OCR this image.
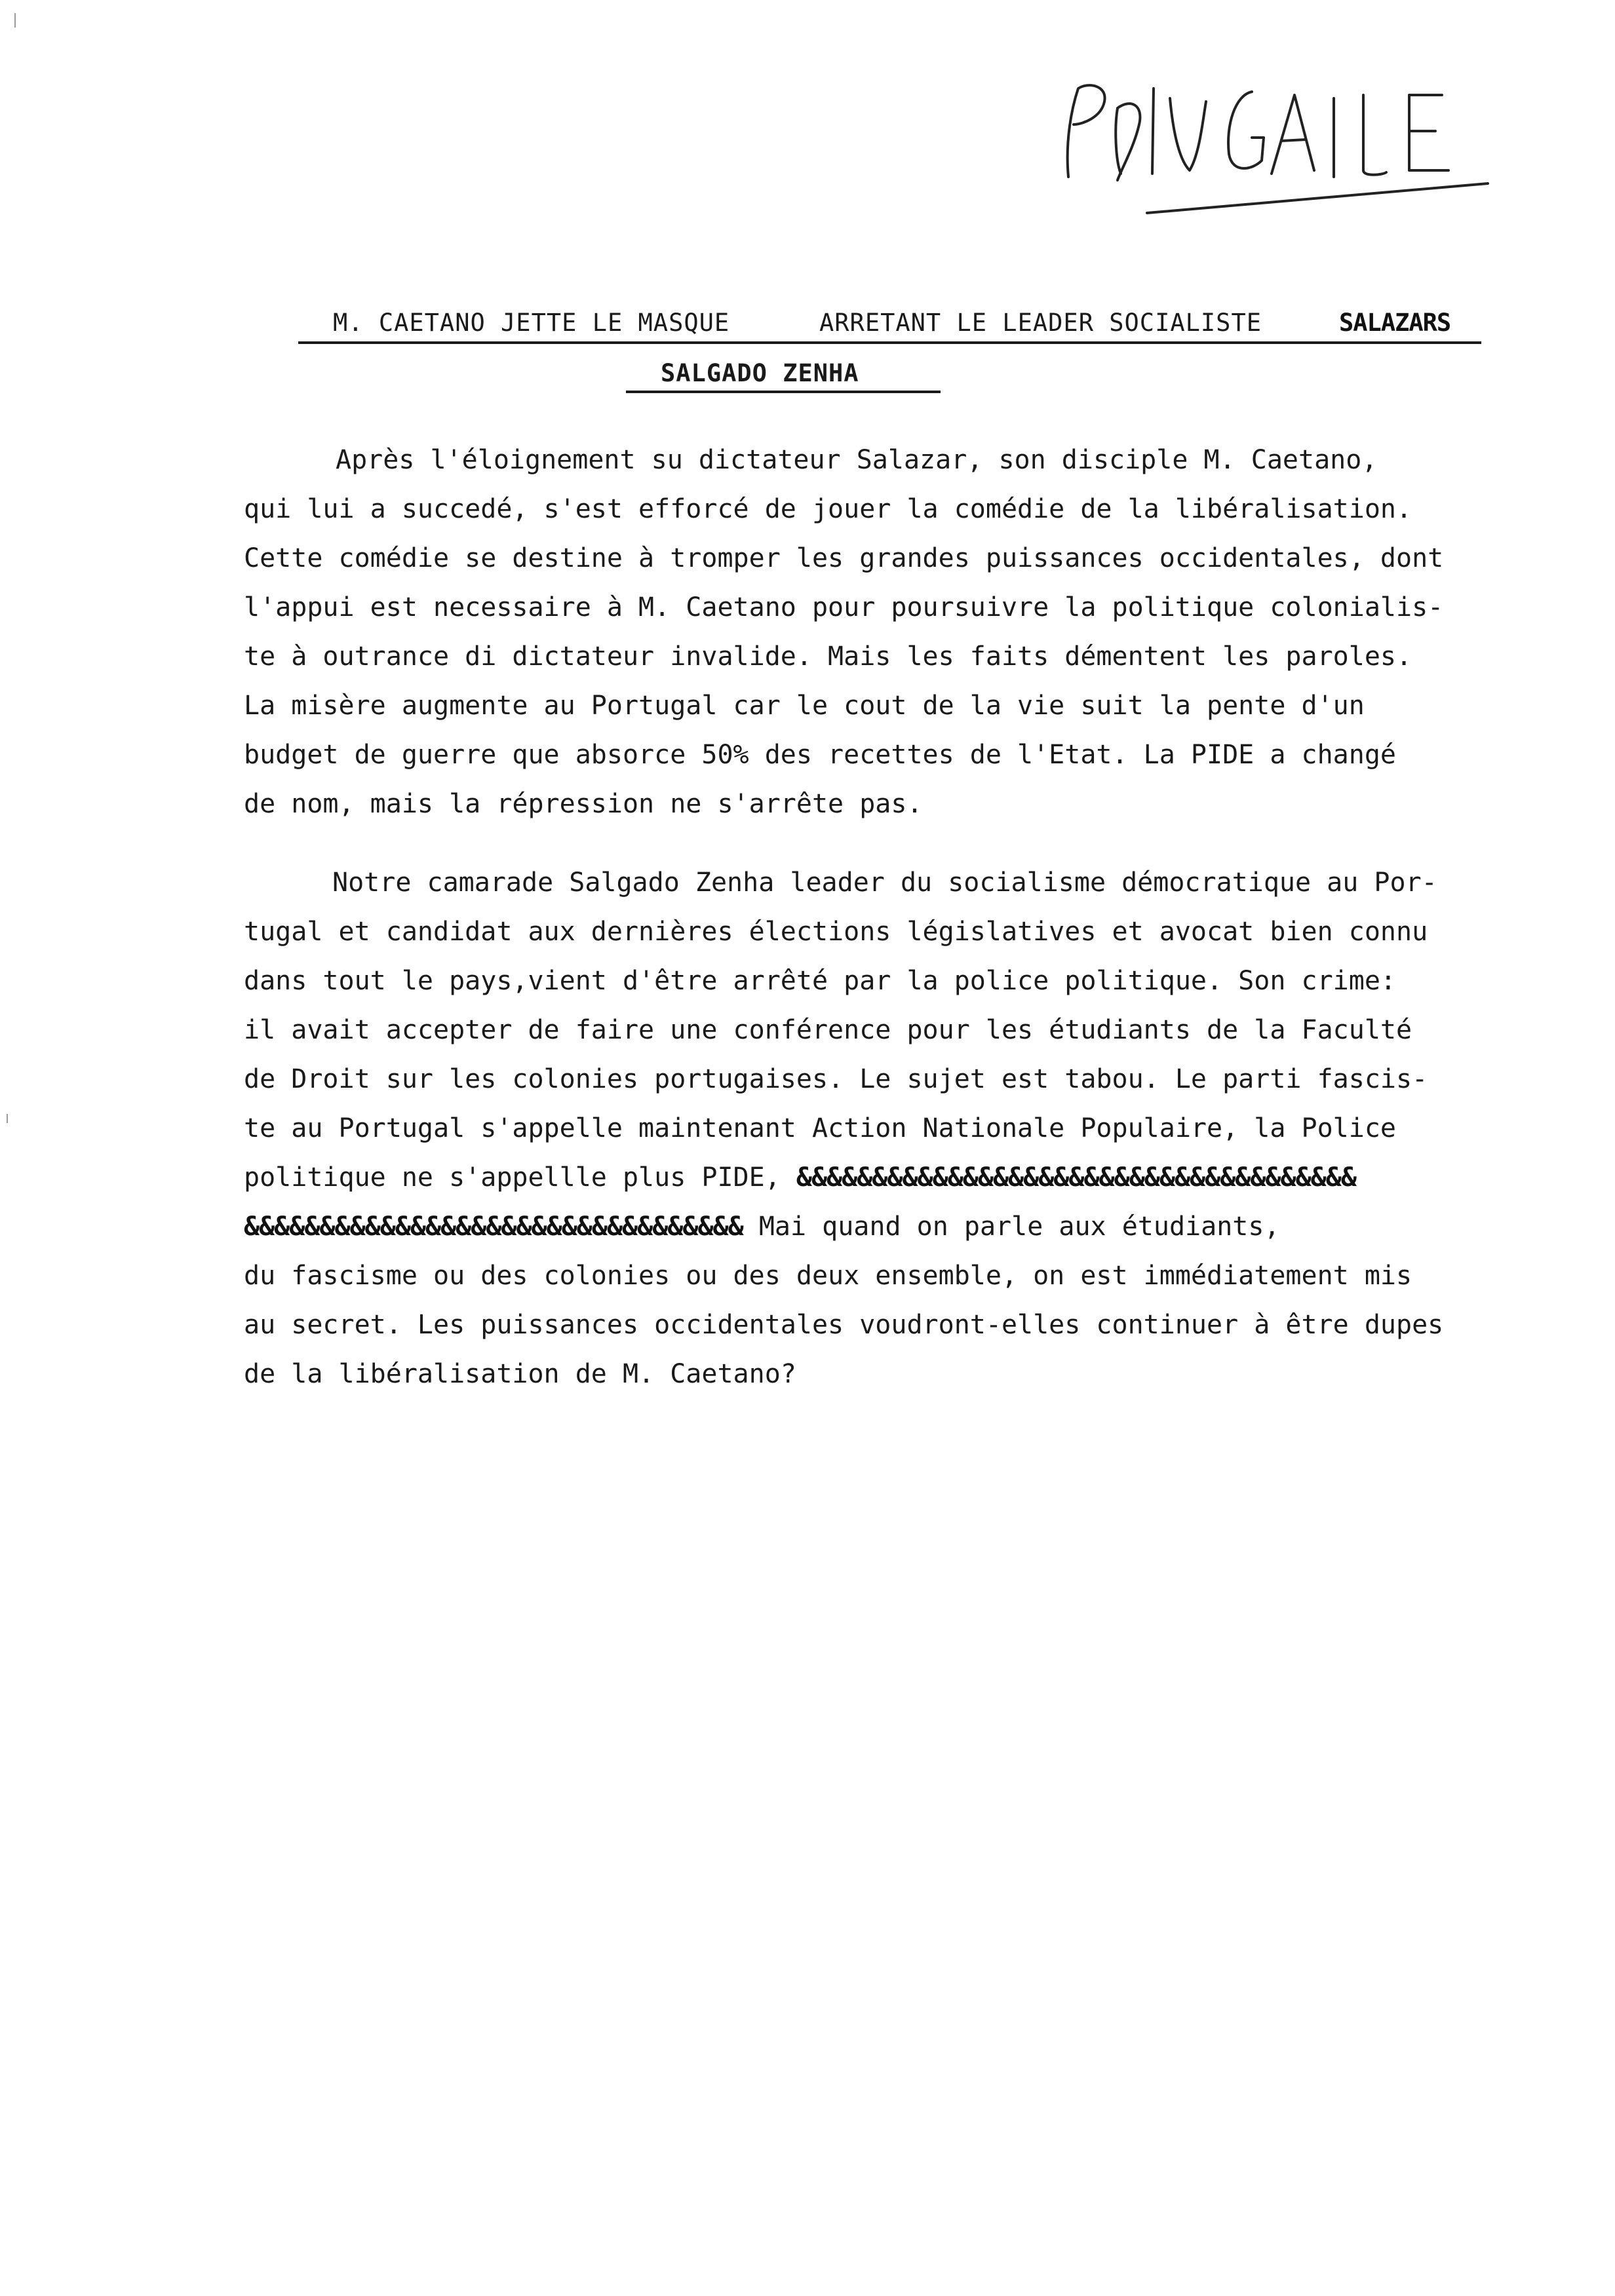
M. CAETANO JETTE LE MASQUE	ARRETANT LE LEADER SOCIALISTE	SALAZARS
SALGADO ZENHA
Après l'éloignement su dictateur Salazar, son disciple M. Caetano,
qui lui a succedé, s'est efforcé de jouer la comédie de la libéralisation.
Cette comédie se destine à tromper les grandes puissances occidentales, dont
l'appui est necessaire à M. Caetano pour poursuivre la politique colonialis-
te à outrance di dictateur invalide. Mais les faits démentent les paroles.
La misère augmente au Portugal car le cout de la vie suit la pente d'un
budget de guerre que absorce 50% des recettes de l'Etat. La PIDE a changé
de nom, mais la répression ne s'arrête pas.
Notre camarade Salgado Zenha leader du socialisme démocratique au Por-
tugal et candidat aux dernières élections législatives et avocat bien connu
dans tout le pays,vient d'être arrêté par la police politique. Son crime:
il avait accepter de faire une conférence pour les étudiants de la Faculté
de Droit sur les colonies portugaises. Le sujet est tabou. Le parti fascis-
te au Portugal s'appelle maintenant Action Nationale Populaire, la Police
politique ne s'appellle plus PIDE, &&&&&&&&&&&&&&&&&&&&&&&&&&&&&&&&&&&&&
&&&&&&&&&&&&&&&&&&&&&&&&&&&&&&&&& Mai quand on parle aux étudiants,
du fascisme ou des colonies ou des deux ensemble, on est immédiatement mis
au secret. Les puissances occidentales voudront-elles continuer à être dupes
de la libéralisation de M. Caetano?
